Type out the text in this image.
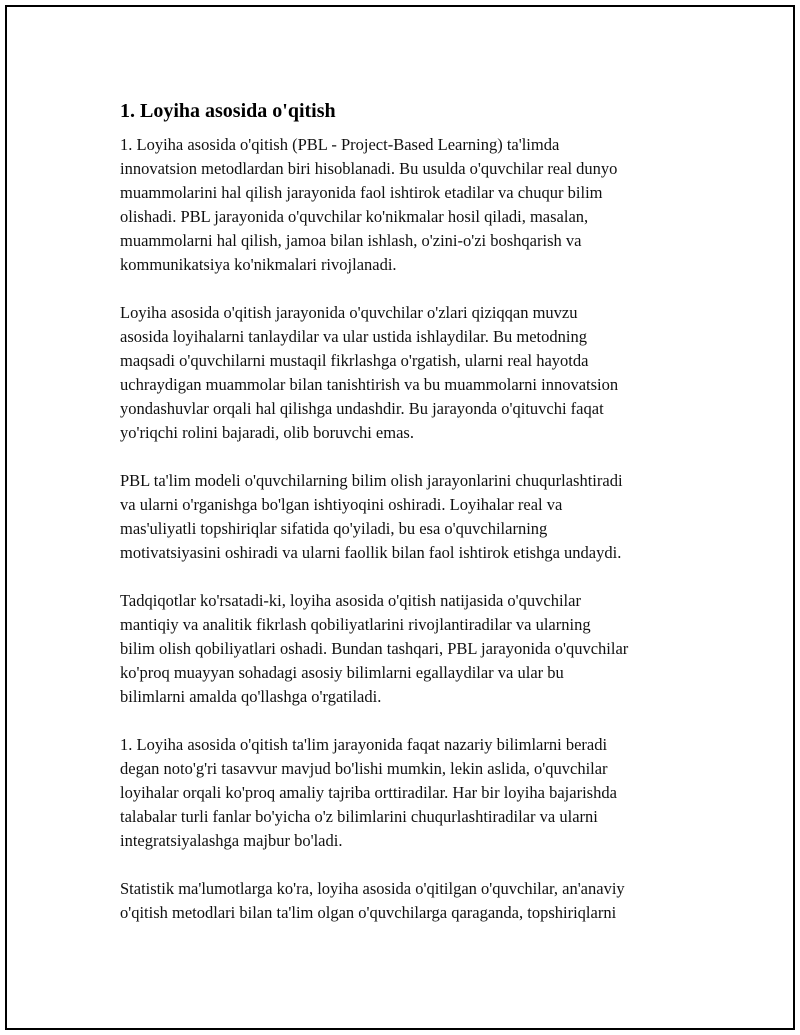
1. Loyiha asosida o'qitish

1. Loyiha asosida o'qitish (PBL - Project-Based Learning) ta'limda
innovatsion metodlardan biri hisoblanadi. Bu usulda o'quvchilar real dunyo
muammolarini hal qilish jarayonida faol ishtirok etadilar va chuqur bilim
olishadi. PBL jarayonida o'quvchilar ko'nikmalar hosil qiladi, masalan,
muammolarni hal qilish, jamoa bilan ishlash, o'zini-o'zi boshqarish va
kommunikatsiya ko'nikmalari rivojlanadi.

Loyiha asosida o'qitish jarayonida o'quvchilar o'zlari qiziqqan muvzu
asosida loyihalarni tanlaydilar va ular ustida ishlaydilar. Bu metodning
maqsadi o'quvchilarni mustaqil fikrlashga o'rgatish, ularni real hayotda
uchraydigan muammolar bilan tanishtirish va bu muammolarni innovatsion
yondashuvlar orqali hal qilishga undashdir. Bu jarayonda o'qituvchi faqat
yo'riqchi rolini bajaradi, olib boruvchi emas.

PBL ta'lim modeli o'quvchilarning bilim olish jarayonlarini chuqurlashtiradi
va ularni o'rganishga bo'lgan ishtiyoqini oshiradi. Loyihalar real va
mas'uliyatli topshiriqlar sifatida qo'yiladi, bu esa o'quvchilarning
motivatsiyasini oshiradi va ularni faollik bilan faol ishtirok etishga undaydi.

Tadqiqotlar ko'rsatadi-ki, loyiha asosida o'qitish natijasida o'quvchilar
mantiqiy va analitik fikrlash qobiliyatlarini rivojlantiradilar va ularning
bilim olish qobiliyatlari oshadi. Bundan tashqari, PBL jarayonida o'quvchilar
ko'proq muayyan sohadagi asosiy bilimlarni egallaydilar va ular bu
bilimlarni amalda qo'llashga o'rgatiladi.

1. Loyiha asosida o'qitish ta'lim jarayonida faqat nazariy bilimlarni beradi
degan noto'g'ri tasavvur mavjud bo'lishi mumkin, lekin aslida, o'quvchilar
loyihalar orqali ko'proq amaliy tajriba orttiradilar. Har bir loyiha bajarishda
talabalar turli fanlar bo'yicha o'z bilimlarini chuqurlashtiradilar va ularni
integratsiyalashga majbur bo'ladi.

Statistik ma'lumotlarga ko'ra, loyiha asosida o'qitilgan o'quvchilar, an'anaviy
o'qitish metodlari bilan ta'lim olgan o'quvchilarga qaraganda, topshiriqlarni
